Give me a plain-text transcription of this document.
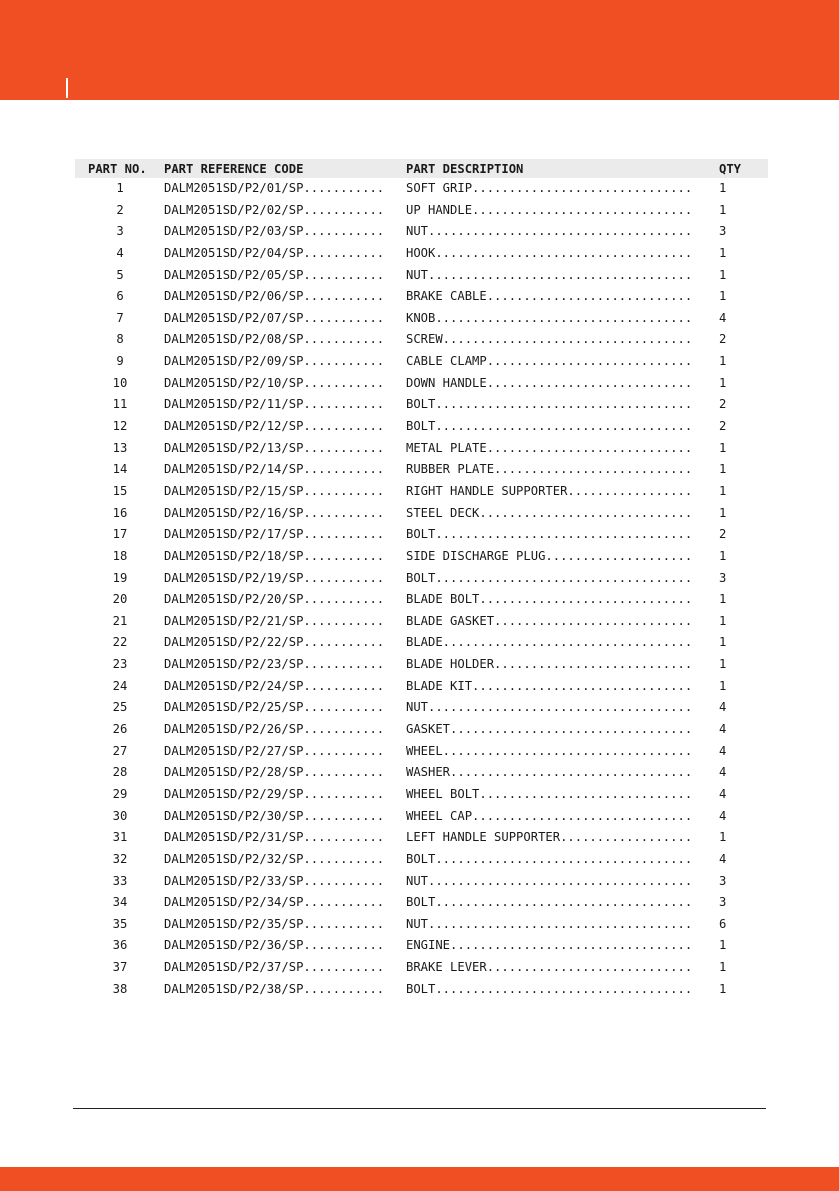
PART NO.	PART REFERENCE CODE	PART DESCRIPTION	QTY
1	DALM2051SD/P2/01/SP...........	SOFT GRIP..............................	1
2	DALM2051SD/P2/02/SP...........	UP HANDLE..............................	1
3	DALM2051SD/P2/03/SP...........	NUT....................................	3
4	DALM2051SD/P2/04/SP...........	HOOK...................................	1
5	DALM2051SD/P2/05/SP...........	NUT....................................	1
6	DALM2051SD/P2/06/SP...........	BRAKE CABLE............................	1
7	DALM2051SD/P2/07/SP...........	KNOB...................................	4
8	DALM2051SD/P2/08/SP...........	SCREW..................................	2
9	DALM2051SD/P2/09/SP...........	CABLE CLAMP............................	1
10	DALM2051SD/P2/10/SP...........	DOWN HANDLE............................	1
11	DALM2051SD/P2/11/SP...........	BOLT...................................	2
12	DALM2051SD/P2/12/SP...........	BOLT...................................	2
13	DALM2051SD/P2/13/SP...........	METAL PLATE............................	1
14	DALM2051SD/P2/14/SP...........	RUBBER PLATE...........................	1
15	DALM2051SD/P2/15/SP...........	RIGHT HANDLE SUPPORTER.................	1
16	DALM2051SD/P2/16/SP...........	STEEL DECK.............................	1
17	DALM2051SD/P2/17/SP...........	BOLT...................................	2
18	DALM2051SD/P2/18/SP...........	SIDE DISCHARGE PLUG....................	1
19	DALM2051SD/P2/19/SP...........	BOLT...................................	3
20	DALM2051SD/P2/20/SP...........	BLADE BOLT.............................	1
21	DALM2051SD/P2/21/SP...........	BLADE GASKET...........................	1
22	DALM2051SD/P2/22/SP...........	BLADE..................................	1
23	DALM2051SD/P2/23/SP...........	BLADE HOLDER...........................	1
24	DALM2051SD/P2/24/SP...........	BLADE KIT..............................	1
25	DALM2051SD/P2/25/SP...........	NUT....................................	4
26	DALM2051SD/P2/26/SP...........	GASKET.................................	4
27	DALM2051SD/P2/27/SP...........	WHEEL..................................	4
28	DALM2051SD/P2/28/SP...........	WASHER.................................	4
29	DALM2051SD/P2/29/SP...........	WHEEL BOLT.............................	4
30	DALM2051SD/P2/30/SP...........	WHEEL CAP..............................	4
31	DALM2051SD/P2/31/SP...........	LEFT HANDLE SUPPORTER..................	1
32	DALM2051SD/P2/32/SP...........	BOLT...................................	4
33	DALM2051SD/P2/33/SP...........	NUT....................................	3
34	DALM2051SD/P2/34/SP...........	BOLT...................................	3
35	DALM2051SD/P2/35/SP...........	NUT....................................	6
36	DALM2051SD/P2/36/SP...........	ENGINE.................................	1
37	DALM2051SD/P2/37/SP...........	BRAKE LEVER............................	1
38	DALM2051SD/P2/38/SP...........	BOLT...................................	1
